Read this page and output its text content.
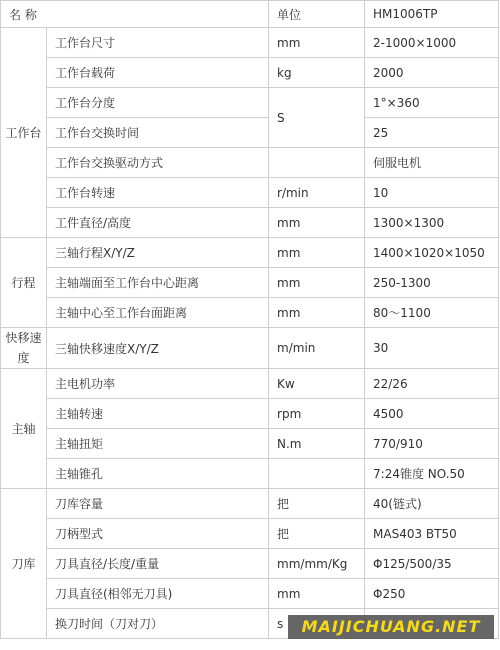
名 称		单位	HM1006TP
工作台	工作台尺寸	mm	2-1000×1000
	工作台载荷	kg	2000
	工作台分度	S	1°×360
	工作台交换时间		25
	工作台交换驱动方式		伺服电机
	工作台转速	r/min	10
	工件直径/高度	mm	1300×1300
行程	三轴行程X/Y/Z	mm	1400×1020×1050
	主轴端面至工作台中心距离	mm	250-1300
	主轴中心至工作台面距离	mm	80～1100
快移速度	三轴快移速度X/Y/Z	m/min	30
主轴	主电机功率	Kw	22/26
	主轴转速	rpm	4500
	主轴扭矩	N.m	770/910
	主轴锥孔		7:24锥度 NO.50
刀库	刀库容量	把	40(链式)
	刀柄型式	把	MAS403 BT50
	刀具直径/长度/重量	mm/mm/Kg	Φ125/500/35
	刀具直径(相邻无刀具)	mm	Φ250
	换刀时间（刀对刀）	s		MAIJICHUANG.NET
